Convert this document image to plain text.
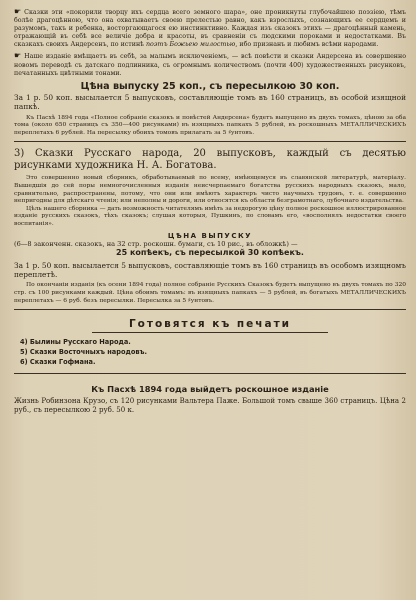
☛ Сказки эти «покорили творцу ихъ сердца всего земного шара», оне проникнуты глубочайшею поэзiею, тѣмъ болѣе драгоцѣнною, что она охватываетъ своею прелестью равно, какъ взрослыхъ, сознающихъ ее сердцемъ и разумомъ, такъ и ребенка, восторгающагося ею инстинктивно. Каждая изъ сказокъ этихъ — драгоцѣнный камень, отражающiй въ себѣ все величiе добра и красоты, въ сравненiи съ людскими пороками и недостатками. Въ сказкахъ своихъ Андерсенъ, по истинѣ поэтъ Божьею милостью, ибо признанъ и любимъ всѣми народами.

☛ Наше изданiе вмѣщаетъ въ себѣ, за малымъ исключенiемъ, — всѣ повѣсти и сказки Андерсена въ совершенно новомъ переводѣ съ датскаго подлинника, съ огромнымъ количествомъ (почти 400) художественныхъ рисунковъ, печатанныхъ цвѣтными тонами.

Цѣна выпуску 25 коп., съ пересылкою 30 коп.

За 1 р. 50 коп. высылается 5 выпусковъ, составляющiе томъ въ 160 страницъ, въ особой изящной папкѣ.

Къ Пасхѣ 1894 года «Полное собранiе сказокъ и повѣстей Андерсена» будетъ выпущено въ двухъ томахъ, цѣною за оба тома (около 650 страницъ съ 350—400 рисунками) въ изящныхъ папкахъ 5 рублей, въ роскошныхъ МЕТАЛЛИЧЕСКИХЪ переплетахъ 6 рублей. На пересылку обоихъ томовъ прилагать за 5 ♯унтовъ.

3) Сказки Русскаго народа, 20 выпусковъ, каждый съ десятью рисунками художника Н. А. Богатова.

Это совершенно новый сборникъ, обработываемый по всему, имѣющемуся въ славянской литературѣ, матерiалу. Вышедшiя до сей поры немногочисленныя изданiя неисчерпаемаго богатства русскихъ народныхъ сказокъ, мало, сравнительно, распространены, потому, что они или имѣютъ характеръ чисто научныхъ трудовъ, т. е. совершенно непригодны для дѣтскаго чтенiя; или неполны и дороги, или относятся къ области безграмотнаго, лубочнаго издательства.

Цѣль нашего сборника — дать возможность читателямъ имѣть за недорогую цѣну полное роскошное иллюстрированное изданiе русскихъ сказокъ, тѣхъ сказокъ; слушая которыя, Пушкинъ, по словамъ его, «восполнялъ недостатки своего воспитанiя».

ЦѢНА ВЫПУСКУ

(6—8 законченн. сказокъ, на 32 стр. роскошн. бумаги, съ 10 рис., въ обложкѣ) —

25 копѣекъ, съ пересылкой 30 копѣекъ.

За 1 р. 50 коп. высылается 5 выпусковъ, составляющiе томъ въ 160 страницъ въ особомъ изящномъ переплетѣ.

По окончанiи изданiя (къ осени 1894 года) полное собранiе Русскихъ Сказокъ будетъ выпущено въ двухъ томахъ по 320 стр. съ 100 рисунками каждый. Цѣна обоимъ томамъ: въ изящныхъ папкахъ — 5 рублей, въ богатыхъ МЕТАЛЛИЧЕСКИХЪ переплетахъ — 6 руб. безъ пересылки. Пересылка за 5 ♯унтовъ.

Готовятся къ печати

4) Былины Русскаго Народа.
5) Сказки Восточныхъ народовъ.
6) Сказки Гофмана.

Къ Пасхѣ 1894 года выйдетъ роскошное изданiе

Жизнь Робинзона Крузо, съ 120 рисунками Вальтера Паже. Большой томъ свыше 360 страницъ. Цѣна 2 руб., съ пересылкою 2 руб. 50 к.
